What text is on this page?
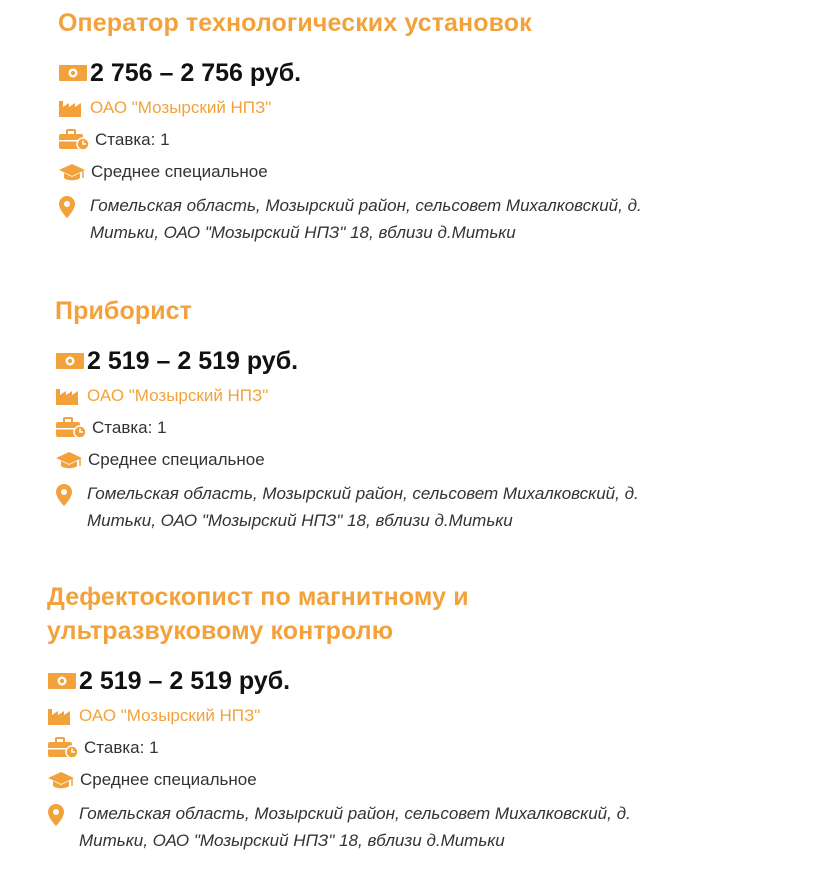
Оператор технологических установок
2 756 – 2 756 руб.
ОАО "Мозырский НПЗ"
Ставка: 1
Среднее специальное
Гомельская область, Мозырский район, сельсовет Михалковский, д.
Митьки, ОАО "Мозырский НПЗ" 18, вблизи д.Митьки
Приборист
2 519 – 2 519 руб.
ОАО "Мозырский НПЗ"
Ставка: 1
Среднее специальное
Гомельская область, Мозырский район, сельсовет Михалковский, д.
Митьки, ОАО "Мозырский НПЗ" 18, вблизи д.Митьки
Дефектоскопист по магнитному и
ультразвуковому контролю
2 519 – 2 519 руб.
ОАО "Мозырский НПЗ"
Ставка: 1
Среднее специальное
Гомельская область, Мозырский район, сельсовет Михалковский, д.
Митьки, ОАО "Мозырский НПЗ" 18, вблизи д.Митьки
